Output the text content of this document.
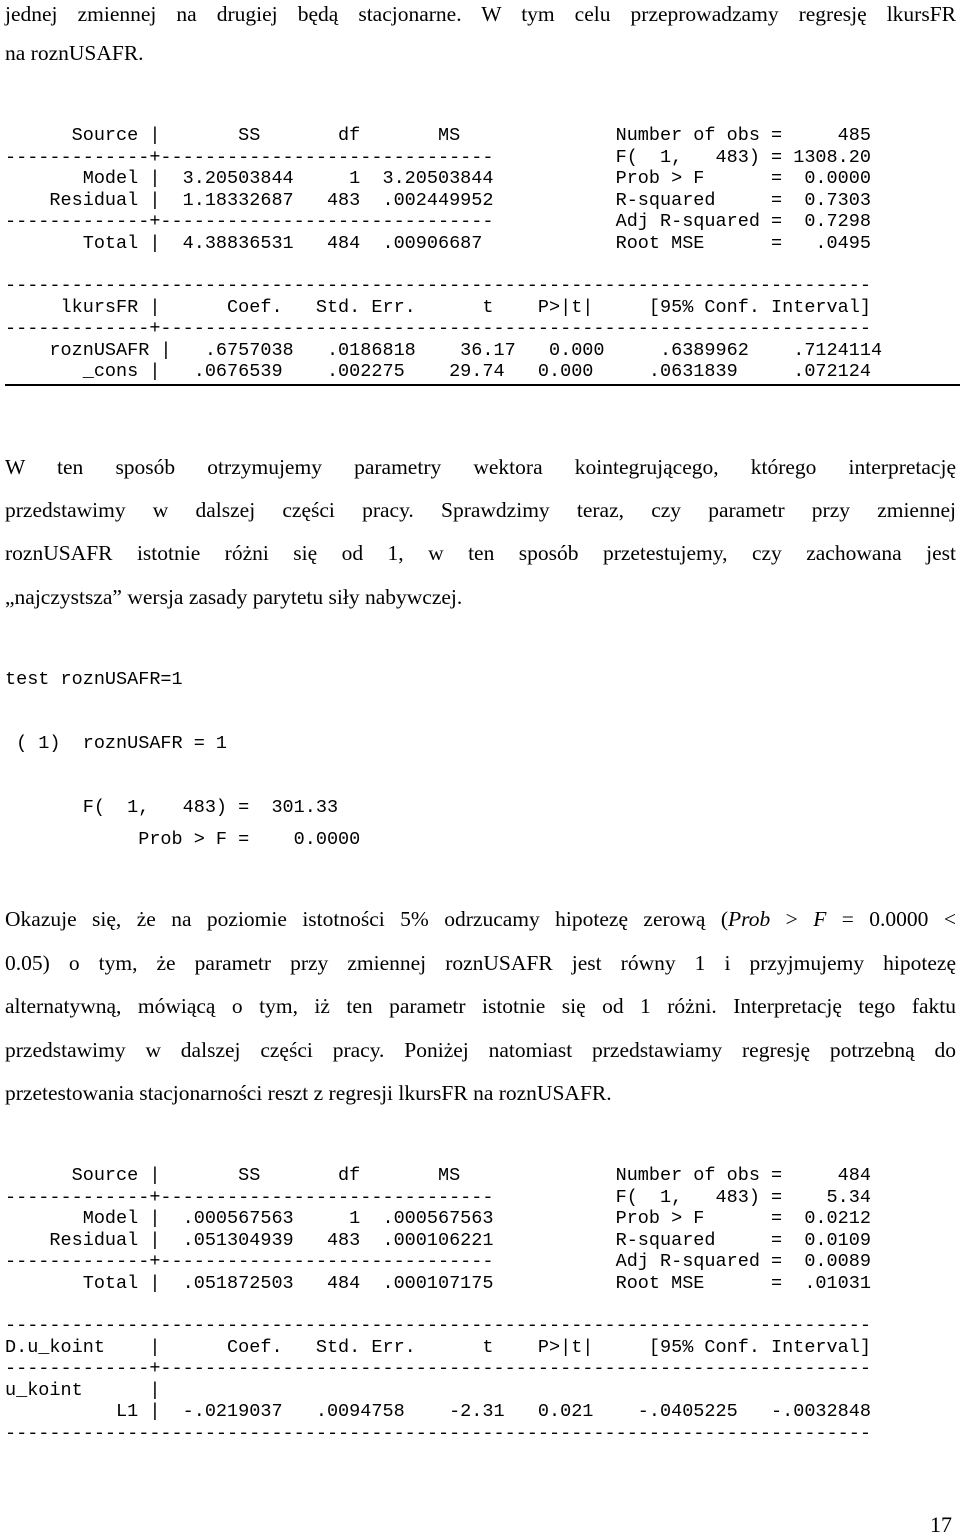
jednej zmiennej na drugiej będą stacjonarne. W tym celu przeprowadzamy regresję lkursFR
na roznUSAFR.
Source |       SS       df       MS              Number of obs =     485
-------------+------------------------------           F(  1,   483) = 1308.20
Model |  3.20503844     1  3.20503844           Prob > F      =  0.0000
Residual |  1.18332687   483  .002449952           R-squared     =  0.7303
-------------+------------------------------           Adj R-squared =  0.7298
Total |  4.38836531   484  .00906687            Root MSE      =   .0495
------------------------------------------------------------------------------
lkursFR |      Coef.   Std. Err.      t    P>|t|     [95% Conf. Interval]
-------------+----------------------------------------------------------------
roznUSAFR |   .6757038   .0186818    36.17   0.000     .6389962    .7124114
_cons |   .0676539    .002275    29.74   0.000     .0631839     .072124
W ten sposób otrzymujemy parametry wektora kointegrującego, którego interpretację
przedstawimy w dalszej części pracy. Sprawdzimy teraz, czy parametr przy zmiennej
roznUSAFR istotnie różni się od 1, w ten sposób przetestujemy, czy zachowana jest
„najczystsza” wersja zasady parytetu siły nabywczej.
test roznUSAFR=1
( 1)  roznUSAFR = 1
F(  1,   483) =  301.33
Prob > F =    0.0000
Okazuje się, że na poziomie istotności 5% odrzucamy hipotezę zerową (Prob > F = 0.0000 <
0.05) o tym, że parametr przy zmiennej roznUSAFR jest równy 1 i przyjmujemy hipotezę
alternatywną, mówiącą o tym, iż ten parametr istotnie się od 1 różni. Interpretację tego faktu
przedstawimy w dalszej części pracy. Poniżej natomiast przedstawiamy regresję potrzebną do
przetestowania stacjonarności reszt z regresji lkursFR na roznUSAFR.
Source |       SS       df       MS              Number of obs =     484
-------------+------------------------------           F(  1,   483) =    5.34
Model |  .000567563     1  .000567563           Prob > F      =  0.0212
Residual |  .051304939   483  .000106221           R-squared     =  0.0109
-------------+------------------------------           Adj R-squared =  0.0089
Total |  .051872503   484  .000107175           Root MSE      =  .01031
------------------------------------------------------------------------------
D.u_koint    |      Coef.   Std. Err.      t    P>|t|     [95% Conf. Interval]
-------------+----------------------------------------------------------------
u_koint      |
L1 |  -.0219037   .0094758    -2.31   0.021    -.0405225   -.0032848
------------------------------------------------------------------------------
17
